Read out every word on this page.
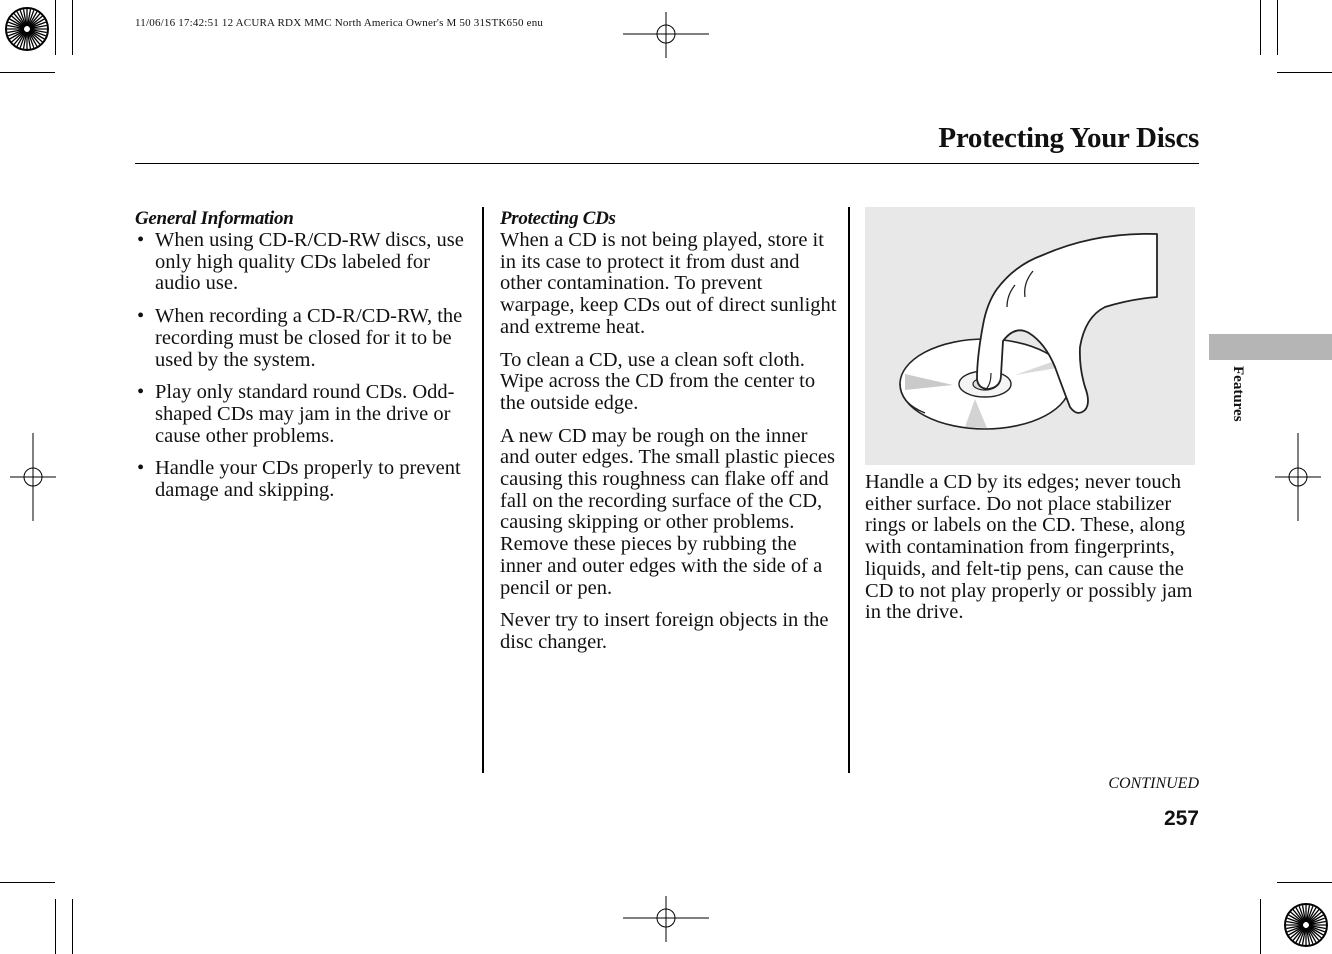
11/06/16 17:42:51 12 ACURA RDX MMC North America Owner's M 50 31STK650 enu
Protecting Your Discs
General Information
• When using CD-R/CD-RW discs, use only high quality CDs labeled for audio use.
• When recording a CD-R/CD-RW, the recording must be closed for it to be used by the system.
• Play only standard round CDs. Odd-shaped CDs may jam in the drive or cause other problems.
• Handle your CDs properly to prevent damage and skipping.
Protecting CDs

When a CD is not being played, store it in its case to protect it from dust and other contamination. To prevent warpage, keep CDs out of direct sunlight and extreme heat.

To clean a CD, use a clean soft cloth. Wipe across the CD from the center to the outside edge.

A new CD may be rough on the inner and outer edges. The small plastic pieces causing this roughness can flake off and fall on the recording surface of the CD, causing skipping or other problems. Remove these pieces by rubbing the inner and outer edges with the side of a pencil or pen.

Never try to insert foreign objects in the disc changer.

Handle a CD by its edges; never touch either surface. Do not place stabilizer rings or labels on the CD. These, along with contamination from fingerprints, liquids, and felt-tip pens, can cause the CD to not play properly or possibly jam in the drive.

Features
CONTINUED
257
